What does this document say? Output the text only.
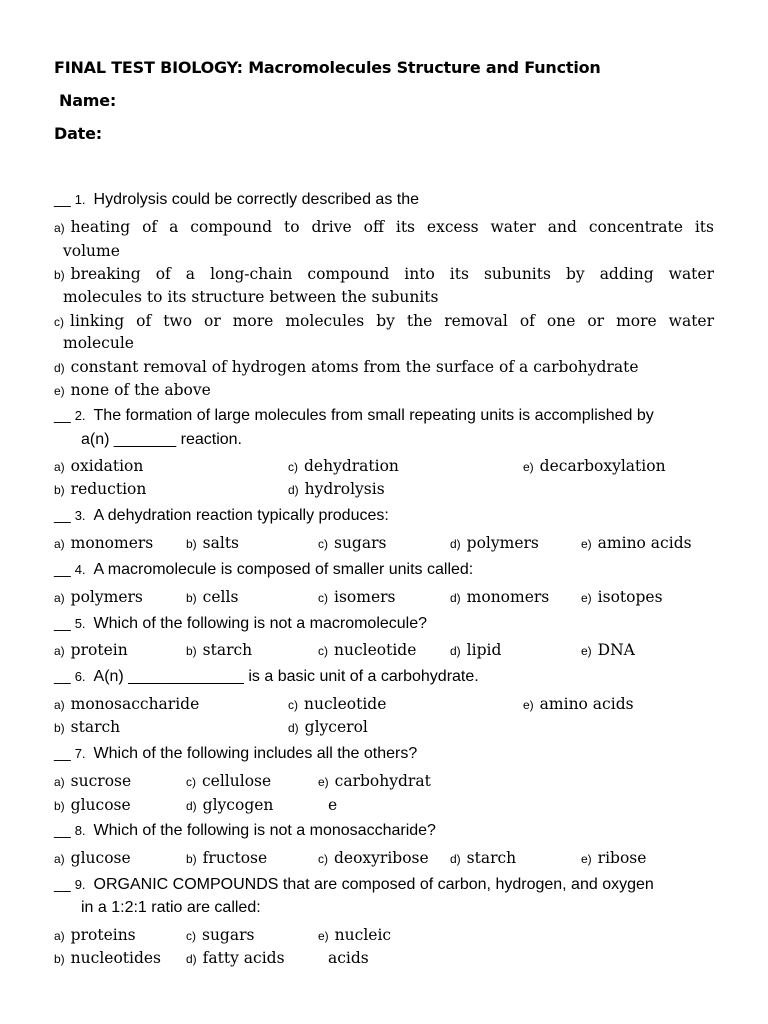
FINAL TEST BIOLOGY: Macromolecules Structure and Function
Name:
Date:
__ 1. Hydrolysis could be correctly described as the
a) heating of a compound to drive off its excess water and concentrate its
volume
b) breaking of a long-chain compound into its subunits by adding water
molecules to its structure between the subunits
c) linking of two or more molecules by the removal of one or more water
molecule
d) constant removal of hydrogen atoms from the surface of a carbohydrate
e) none of the above
__ 2. The formation of large molecules from small repeating units is accomplished by
a(n) _______ reaction.
a) oxidation
b) reduction
c) dehydration
d) hydrolysis
e) decarboxylation
__ 3. A dehydration reaction typically produces:
a) monomers	b) salts	c) sugars	d) polymers	e) amino acids
__ 4. A macromolecule is composed of smaller units called:
a) polymers	b) cells	c) isomers	d) monomers	e) isotopes
__ 5. Which of the following is not a macromolecule?
a) protein	b) starch	c) nucleotide	d) lipid	e) DNA
__ 6. A(n) _____________ is a basic unit of a carbohydrate.
a) monosaccharide
b) starch
c) nucleotide
d) glycerol
e) amino acids
__ 7. Which of the following includes all the others?
a) sucrose
b) glucose
c) cellulose
d) glycogen
e) carbohydrat
e
__ 8. Which of the following is not a monosaccharide?
a) glucose	b) fructose	c) deoxyribose d) starch	e) ribose
__ 9. ORGANIC COMPOUNDS that are composed of carbon, hydrogen, and oxygen
in a 1:2:1 ratio are called:
a) proteins
b) nucleotides
c) sugars
d) fatty acids
e) nucleic
acids
